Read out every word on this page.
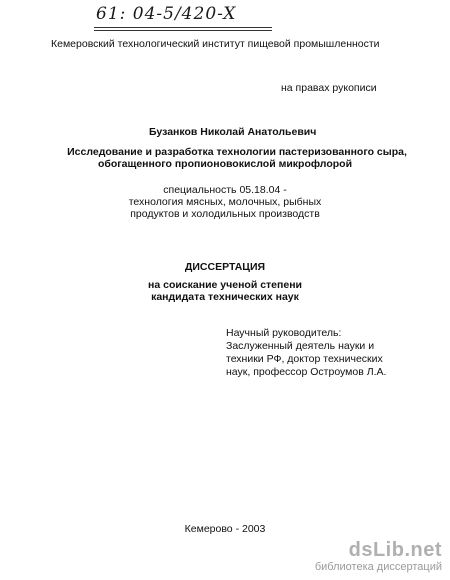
61: 04-5/420-X
Кемеровский технологический институт пищевой промышленности
на правах рукописи
Бузанков Николай Анатольевич
Исследование и разработка технологии пастеризованного сыра,
обогащенного пропионовокислой микрофлорой
специальность 05.18.04 -
технология мясных, молочных, рыбных
продуктов и холодильных производств
ДИССЕРТАЦИЯ
на соискание ученой степени
кандидата технических наук
Научный руководитель:
Заслуженный деятель науки и
техники РФ, доктор технических
наук, профессор Остроумов Л.А.
Кемерово - 2003
dsLib.net
библиотека диссертаций
